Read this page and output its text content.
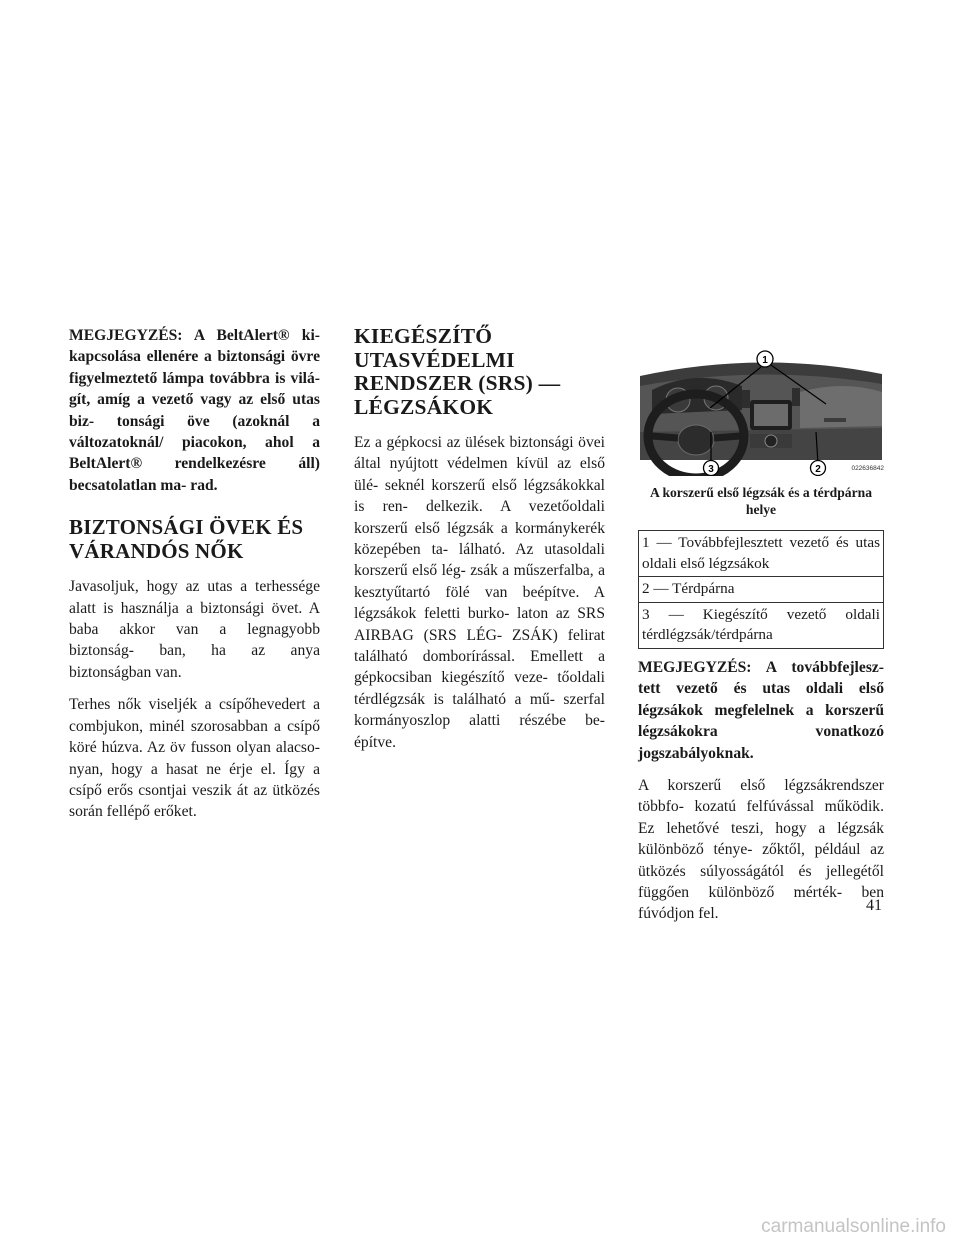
MEGJEGYZÉS: A BeltAlert® ki- kapcsolása ellenére a biztonsági övre figyelmeztető lámpa továbbra is vilá- gít, amíg a vezető vagy az első utas biz- tonsági öve (azoknál a változatoknál/ piacokon, ahol a BeltAlert® rendelkezésre áll) becsatolatlan ma- rad.

BIZTONSÁGI ÖVEK ÉS VÁRANDÓS NŐK

Javasoljuk, hogy az utas a terhessége alatt is használja a biztonsági övet. A baba akkor van a legnagyobb biztonság- ban, ha az anya biztonságban van.

Terhes nők viseljék a csípőhevedert a combjukon, minél szorosabban a csípő köré húzva. Az öv fusson olyan alacso- nyan, hogy a hasat ne érje el. Így a csípő erős csontjai veszik át az ütközés során fellépő erőket.

KIEGÉSZÍTŐ UTASVÉDELMI RENDSZER (SRS) — LÉGZSÁKOK

Ez a gépkocsi az ülések biztonsági övei által nyújtott védelmen kívül az első ülé- seknél korszerű első légzsákokkal is ren- delkezik. A vezetőoldali korszerű első légzsák a kormánykerék közepében ta- lálható. Az utasoldali korszerű első lég- zsák a műszerfalba, a kesztyűtartó fölé van beépítve. A légzsákok feletti burko- laton az SRS AIRBAG (SRS LÉG- ZSÁK) felirat található domborírással. Emellett a gépkocsiban kiegészítő veze- tőoldali térdlégzsák is található a mű- szerfal kormányoszlop alatti részébe be- építve.

1
3	2	022636842
A korszerű első légzsák és a térdpárna helye
1 — Továbbfejlesztett vezető és utas oldali első légzsákok
2 — Térdpárna
3 — Kiegészítő vezető oldali térdlégzsák/térdpárna

MEGJEGYZÉS: A továbbfejlesz- tett vezető és utas oldali első légzsákok megfelelnek a korszerű légzsákokra vonatkozó jogszabályoknak.

A korszerű első légzsákrendszer többfo- kozatú felfúvással működik. Ez lehetővé teszi, hogy a légzsák különböző ténye- zőktől, például az ütközés súlyosságától és jellegétől függően különböző mérték- ben fúvódjon fel.	41
carmanualsonline.info
